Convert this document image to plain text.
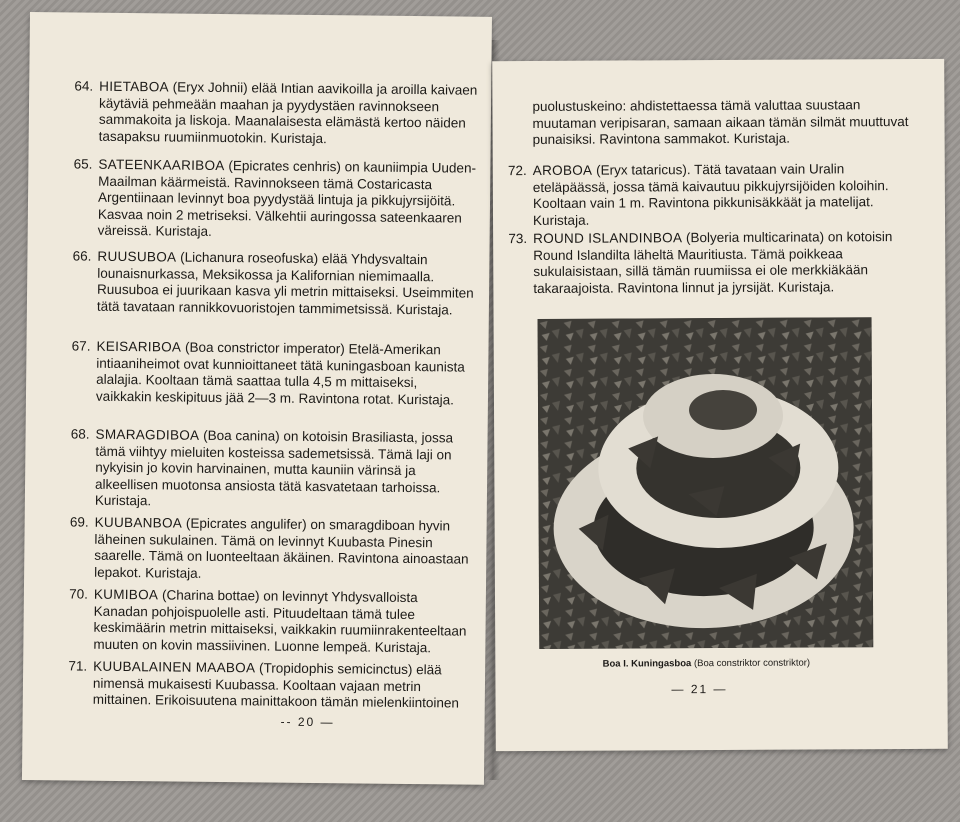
64. HIETABOA (Eryx Johnii) elää Intian aavikoilla ja aroilla kaivaen käytäviä pehmeään maahan ja pyydystäen ravinnokseen sammakoita ja liskoja. Maanalaisesta elämästä kertoo näiden tasapaksu ruumiinmuotokin. Kuristaja.
65. SATEENKAARIBOA (Epicrates cenhris) on kauniimpia Uuden-Maailman käärmeistä. Ravinnokseen tämä Costaricasta Argentiinaan levinnyt boa pyydystää lintuja ja pikkujyrsijöitä. Kasvaa noin 2 metriseksi. Välkehtii auringossa sateenkaaren väreissä. Kuristaja.
66. RUUSUBOA (Lichanura roseofuska) elää Yhdysvaltain lounaisnurkassa, Meksikossa ja Kalifornian niemimaalla. Ruusuboa ei juurikaan kasva yli metrin mittaiseksi. Useimmiten tätä tavataan rannikkovuoristojen tammimetsissä. Kuristaja.
67. KEISARIBOA (Boa constrictor imperator) Etelä-Amerikan intiaaniheimot ovat kunnioittaneet tätä kuningasboan kaunista alalajia. Kooltaan tämä saattaa tulla 4,5 m mittaiseksi, vaikkakin keskipituus jää 2—3 m. Ravintona rotat. Kuristaja.
68. SMARAGDIBOA (Boa canina) on kotoisin Brasiliasta, jossa tämä viihtyy mieluiten kosteissa sademetsissä. Tämä laji on nykyisin jo kovin harvinainen, mutta kauniin värinsä ja alkeellisen muotonsa ansiosta tätä kasvatetaan tarhoissa. Kuristaja.
69. KUUBANBOA (Epicrates angulifer) on smaragdiboan hyvin läheinen sukulainen. Tämä on levinnyt Kuubasta Pinesin saarelle. Tämä on luonteeltaan äkäinen. Ravintona ainoastaan lepakot. Kuristaja.
70. KUMIBOA (Charina bottae) on levinnyt Yhdysvalloista Kanadan pohjoispuolelle asti. Pituudeltaan tämä tulee keskimäärin metrin mittaiseksi, vaikkakin ruumiinrakenteeltaan muuten on kovin massiivinen. Luonne lempeä. Kuristaja.
71. KUUBALAINEN MAABOA (Tropidophis semicinctus) elää nimensä mukaisesti Kuubassa. Kooltaan vajaan metrin mittainen. Erikoisuutena mainittakoon tämän mielenkiintoinen
-- 20 —
puolustuskeino: ahdistettaessa tämä valuttaa suustaan muutaman veripisaran, samaan aikaan tämän silmät muuttuvat punaisiksi. Ravintona sammakot. Kuristaja.
72. AROBOA (Eryx tataricus). Tätä tavataan vain Uralin eteläpäässä, jossa tämä kaivautuu pikkujyrsijöiden koloihin. Kooltaan vain 1 m. Ravintona pikkunisäkkäät ja matelijat. Kuristaja.
73. ROUND ISLANDINBOA (Bolyeria multicarinata) on kotoisin Round Islandilta läheltä Mauritiusta. Tämä poikkeaa sukulaisistaan, sillä tämän ruumiissa ei ole merkkiäkään takaraajoista. Ravintona linnut ja jyrsijät. Kuristaja.
Boa I. Kuningasboa (Boa constriktor constriktor)
— 21 —
